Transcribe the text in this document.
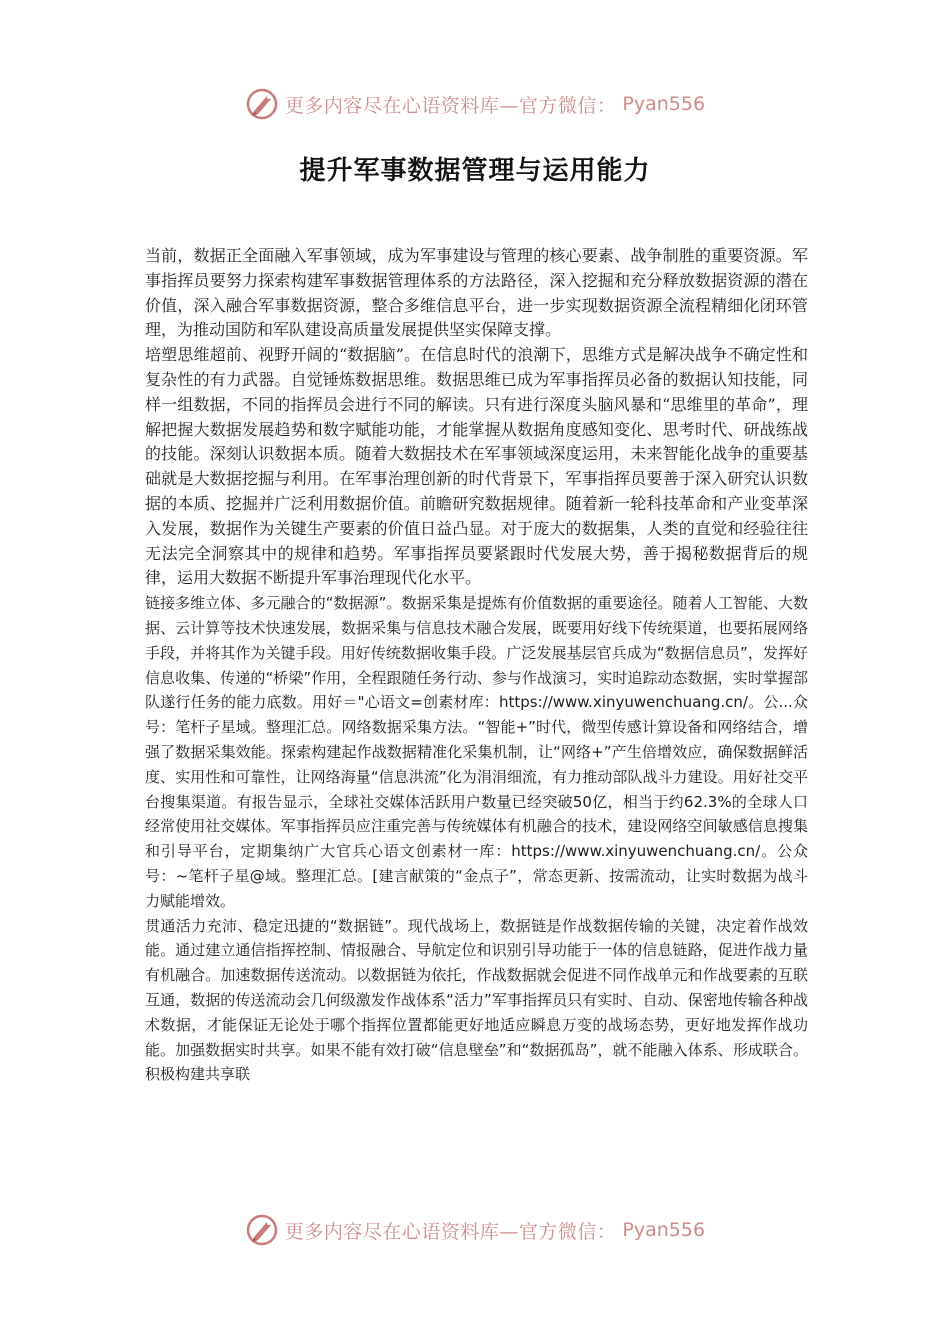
更多内容尽在心语资料库—官方微信： Pyan556
提升军事数据管理与运用能力

当前，数据正全面融入军事领域，成为军事建设与管理的核心要素、战争制胜的重要资源。军事指挥员要努力探索构建军事数据管理体系的方法路径，深入挖掘和充分释放数据资源的潜在价值，深入融合军事数据资源，整合多维信息平台，进一步实现数据资源全流程精细化闭环管理，为推动国防和军队建设高质量发展提供坚实保障支撑。

培塑思维超前、视野开阔的“数据脑”。在信息时代的浪潮下，思维方式是解决战争不确定性和复杂性的有力武器。自觉锤炼数据思维。数据思维已成为军事指挥员必备的数据认知技能，同样一组数据，不同的指挥员会进行不同的解读。只有进行深度头脑风暴和“思维里的革命”，理解把握大数据发展趋势和数字赋能功能，才能掌握从数据角度感知变化、思考时代、研战练战的技能。深刻认识数据本质。随着大数据技术在军事领域深度运用，未来智能化战争的重要基础就是大数据挖掘与利用。在军事治理创新的时代背景下，军事指挥员要善于深入研究认识数据的本质、挖掘并广泛利用数据价值。前瞻研究数据规律。随着新一轮科技革命和产业变革深入发展，数据作为关键生产要素的价值日益凸显。对于庞大的数据集，人类的直觉和经验往往无法完全洞察其中的规律和趋势。军事指挥员要紧跟时代发展大势，善于揭秘数据背后的规律，运用大数据不断提升军事治理现代化水平。

链接多维立体、多元融合的“数据源”。数据采集是提炼有价值数据的重要途径。随着人工智能、大数据、云计算等技术快速发展，数据采集与信息技术融合发展，既要用好线下传统渠道，也要拓展网络手段，并将其作为关键手段。用好传统数据收集手段。广泛发展基层官兵成为“数据信息员”，发挥好信息收集、传递的“桥梁”作用，全程跟随任务行动、参与作战演习，实时追踪动态数据，实时掌握部队遂行任务的能力底数。用好＝"心语文=创素材库：https://www.xinyuwenchuang.cn/。公...众号：笔杆子星域。整理汇总。网络数据采集方法。“智能+”时代，微型传感计算设备和网络结合，增强了数据采集效能。探索构建起作战数据精准化采集机制，让“网络+”产生倍增效应，确保数据鲜活度、实用性和可靠性，让网络海量“信息洪流”化为涓涓细流，有力推动部队战斗力建设。用好社交平台搜集渠道。有报告显示，全球社交媒体活跃用户数量已经突破50亿，相当于约62.3%的全球人口经常使用社交媒体。军事指挥员应注重完善与传统媒体有机融合的技术，建设网络空间敏感信息搜集和引导平台，定期集纳广大官兵心语文创素材一库：https://www.xinyuwenchuang.cn/。公众号：~笔杆子星@域。整理汇总。[建言献策的“金点子”，常态更新、按需流动，让实时数据为战斗力赋能增效。

贯通活力充沛、稳定迅捷的“数据链”。现代战场上，数据链是作战数据传输的关键，决定着作战效能。通过建立通信指挥控制、情报融合、导航定位和识别引导功能于一体的信息链路，促进作战力量有机融合。加速数据传送流动。以数据链为依托，作战数据就会促进不同作战单元和作战要素的互联互通，数据的传送流动会几何级激发作战体系“活力”军事指挥员只有实时、自动、保密地传输各种战术数据，才能保证无论处于哪个指挥位置都能更好地适应瞬息万变的战场态势，更好地发挥作战功能。加强数据实时共享。如果不能有效打破“信息壁垒”和“数据孤岛”，就不能融入体系、形成联合。积极构建共享联

更多内容尽在心语资料库—官方微信： Pyan556
